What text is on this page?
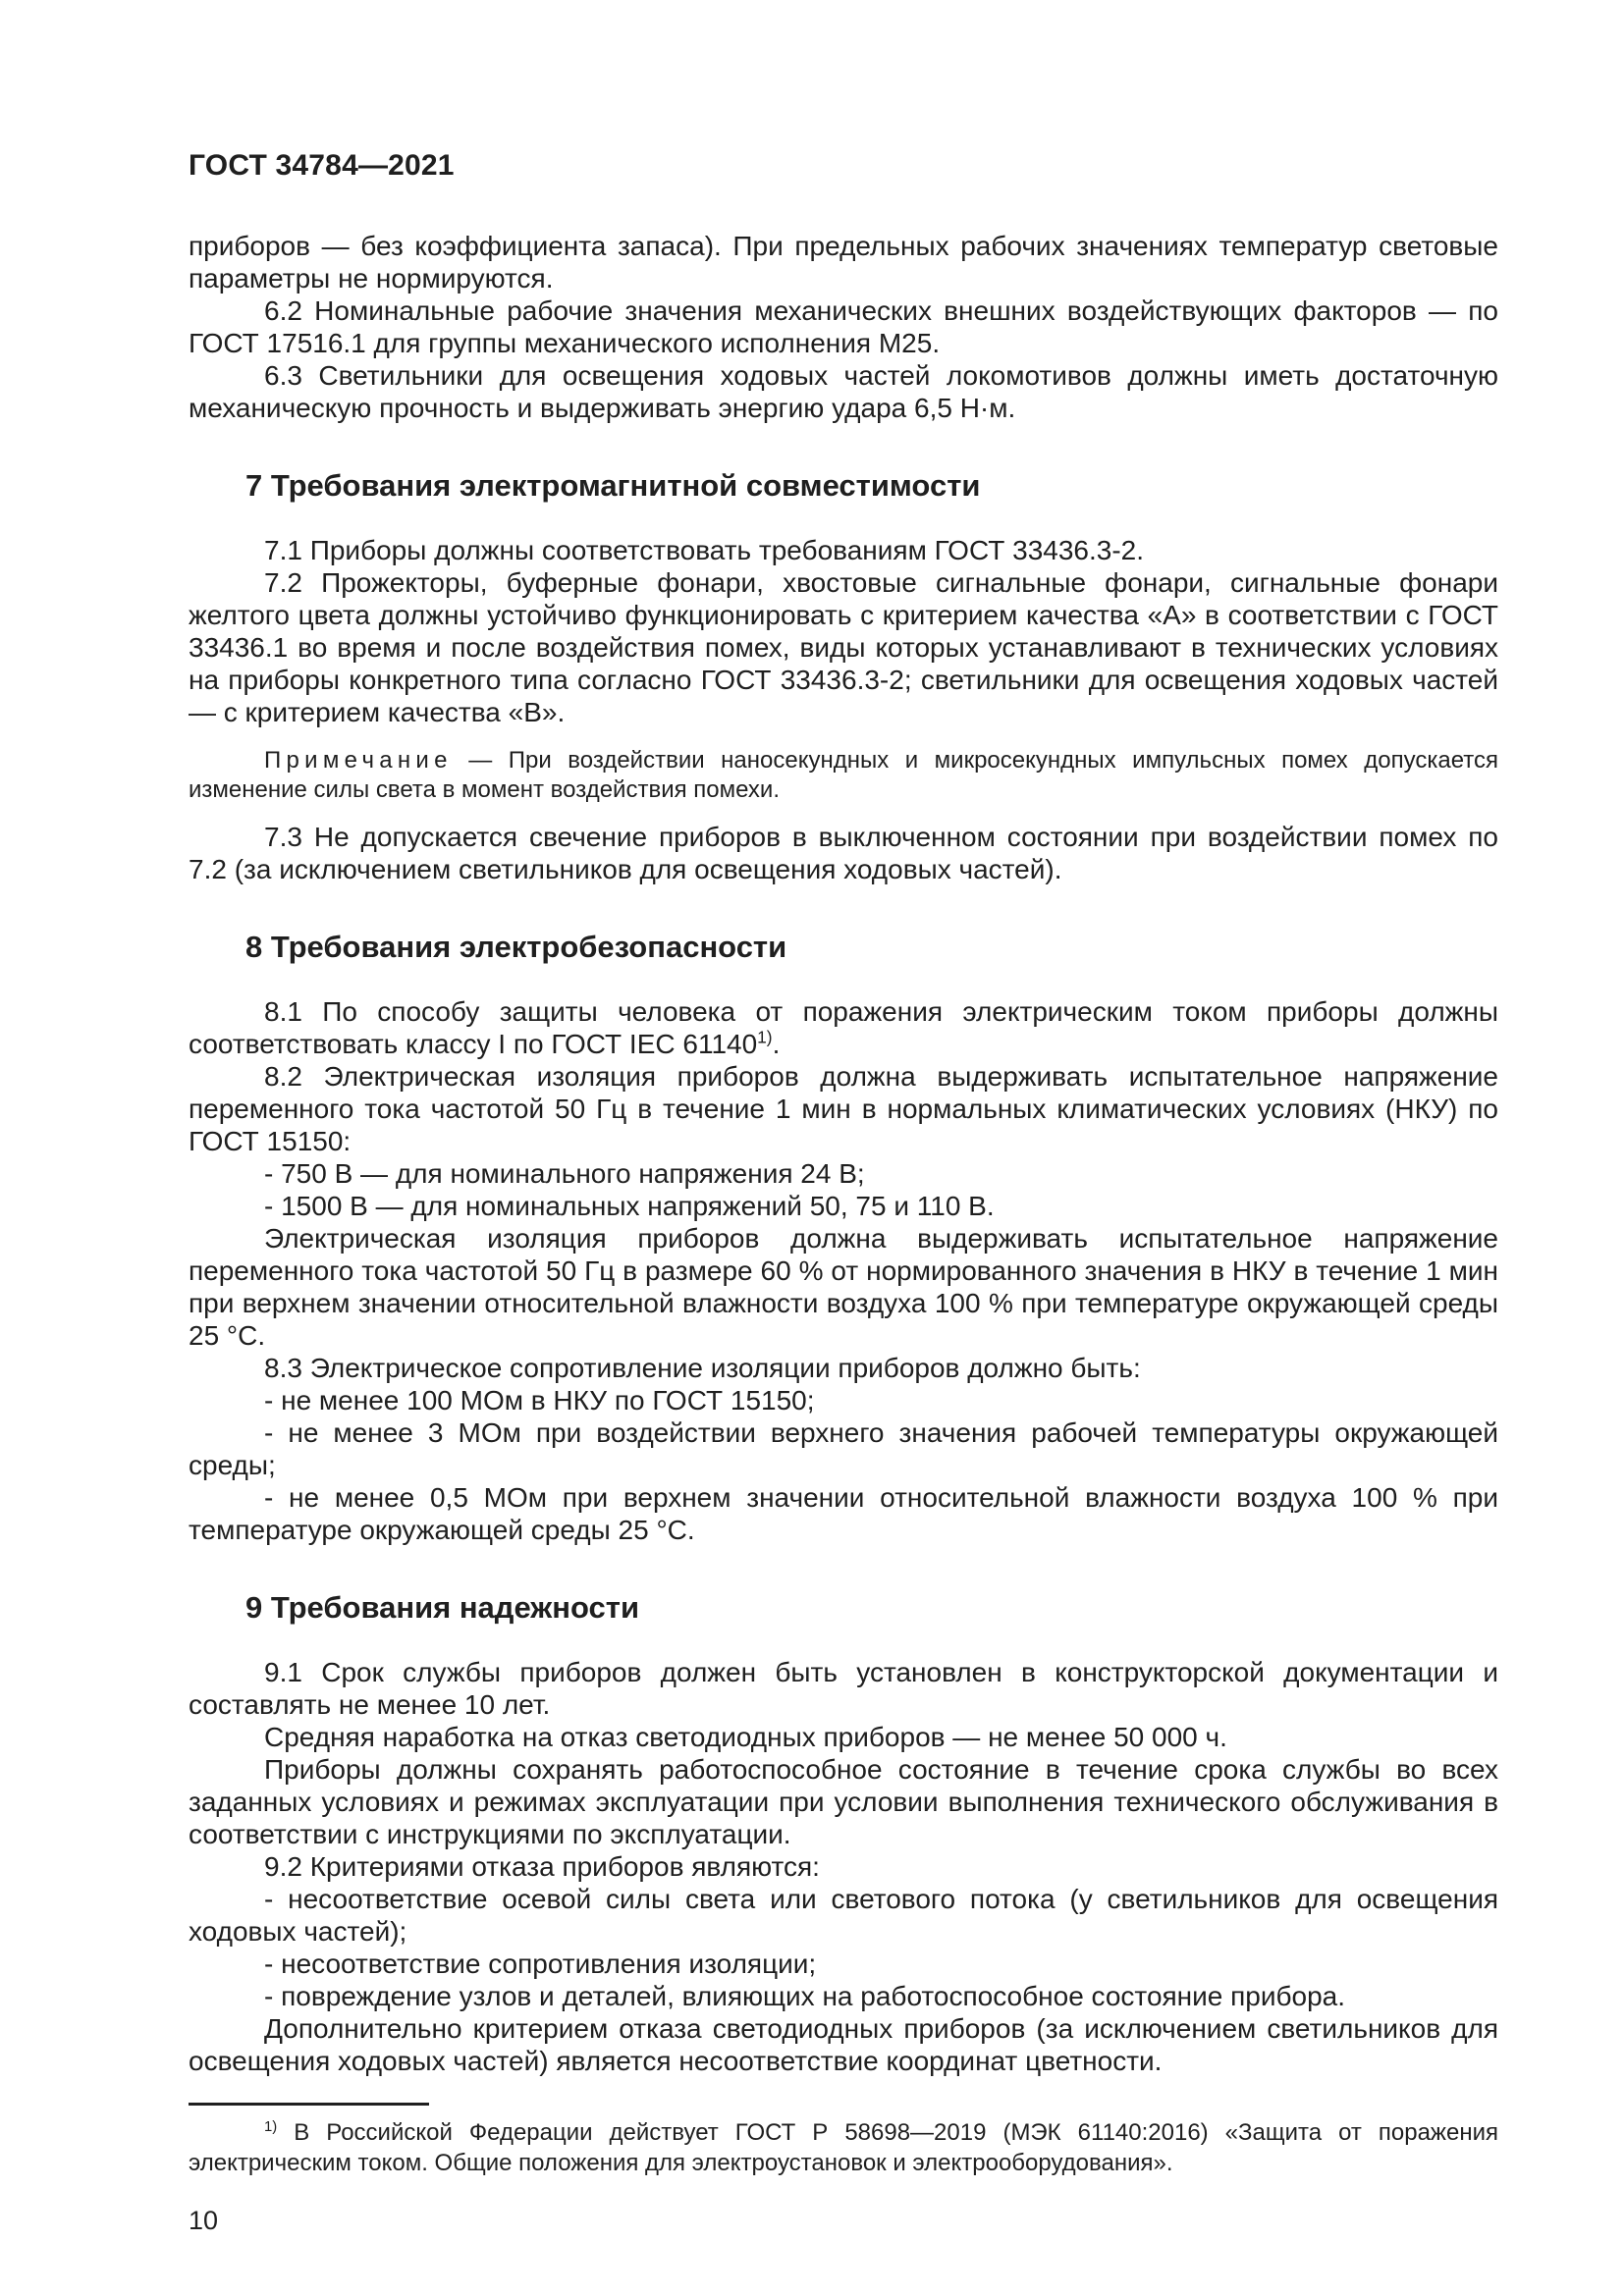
ГОСТ 34784—2021

приборов — без коэффициента запаса). При предельных рабочих значениях температур световые параметры не нормируются.

6.2 Номинальные рабочие значения механических внешних воздействующих факторов — по ГОСТ 17516.1 для группы механического исполнения М25.

6.3 Светильники для освещения ходовых частей локомотивов должны иметь достаточную механическую прочность и выдерживать энергию удара 6,5 Н·м.

7 Требования электромагнитной совместимости

7.1 Приборы должны соответствовать требованиям ГОСТ 33436.3-2.

7.2 Прожекторы, буферные фонари, хвостовые сигнальные фонари, сигнальные фонари желтого цвета должны устойчиво функционировать с критерием качества «А» в соответствии с ГОСТ 33436.1 во время и после воздействия помех, виды которых устанавливают в технических условиях на приборы конкретного типа согласно ГОСТ 33436.3-2; светильники для освещения ходовых частей — с критерием качества «В».

Примечание — При воздействии наносекундных и микросекундных импульсных помех допускается изменение силы света в момент воздействия помехи.

7.3 Не допускается свечение приборов в выключенном состоянии при воздействии помех по 7.2 (за исключением светильников для освещения ходовых частей).

8 Требования электробезопасности

8.1 По способу защиты человека от поражения электрическим током приборы должны соответствовать классу I по ГОСТ IEC 61140$^{1)}$.

8.2 Электрическая изоляция приборов должна выдерживать испытательное напряжение переменного тока частотой 50 Гц в течение 1 мин в нормальных климатических условиях (НКУ) по ГОСТ 15150:

- 750 В — для номинального напряжения 24 В;

- 1500 В — для номинальных напряжений 50, 75 и 110 В.

Электрическая изоляция приборов должна выдерживать испытательное напряжение переменного тока частотой 50 Гц в размере 60 % от нормированного значения в НКУ в течение 1 мин при верхнем значении относительной влажности воздуха 100 % при температуре окружающей среды 25 °С.

8.3 Электрическое сопротивление изоляции приборов должно быть:

- не менее 100 МОм в НКУ по ГОСТ 15150;

- не менее 3 МОм при воздействии верхнего значения рабочей температуры окружающей среды;

- не менее 0,5 МОм при верхнем значении относительной влажности воздуха 100 % при температуре окружающей среды 25 °С.

9 Требования надежности

9.1 Срок службы приборов должен быть установлен в конструкторской документации и составлять не менее 10 лет.

Средняя наработка на отказ светодиодных приборов — не менее 50 000 ч.

Приборы должны сохранять работоспособное состояние в течение срока службы во всех заданных условиях и режимах эксплуатации при условии выполнения технического обслуживания в соответствии с инструкциями по эксплуатации.

9.2 Критериями отказа приборов являются:

- несоответствие осевой силы света или светового потока (у светильников для освещения ходовых частей);

- несоответствие сопротивления изоляции;

- повреждение узлов и деталей, влияющих на работоспособное состояние прибора.

Дополнительно критерием отказа светодиодных приборов (за исключением светильников для освещения ходовых частей) является несоответствие координат цветности.

$^{1)}$ В Российской Федерации действует ГОСТ Р 58698—2019 (МЭК 61140:2016) «Защита от поражения электрическим током. Общие положения для электроустановок и электрооборудования».

10
